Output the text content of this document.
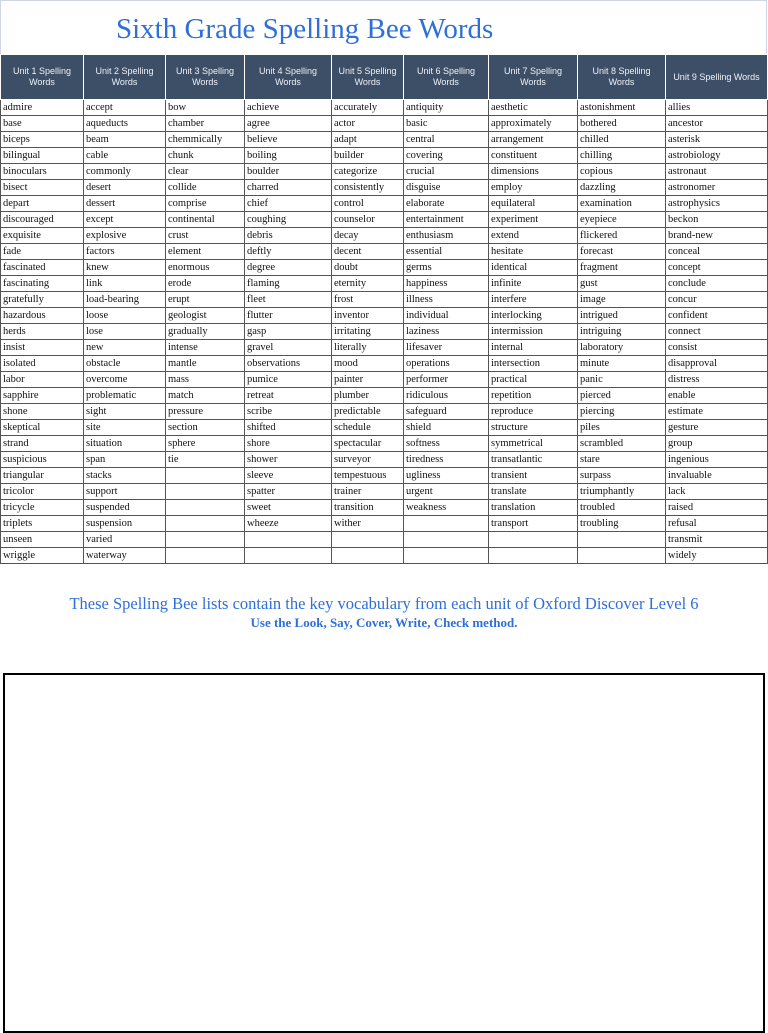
Sixth Grade Spelling Bee Words
Unit 1 Spelling Words	Unit 2 Spelling Words	Unit 3 Spelling Words	Unit 4 Spelling Words	Unit 5 Spelling Words	Unit 6 Spelling Words	Unit 7 Spelling Words	Unit 8 Spelling Words	Unit 9 Spelling Words
admire	accept	bow	achieve	accurately	antiquity	aesthetic	astonishment	allies
base	aqueducts	chamber	agree	actor	basic	approximately	bothered	ancestor
biceps	beam	chemmically	believe	adapt	central	arrangement	chilled	asterisk
bilingual	cable	chunk	boiling	builder	covering	constituent	chilling	astrobiology
binoculars	commonly	clear	boulder	categorize	crucial	dimensions	copious	astronaut
bisect	desert	collide	charred	consistently	disguise	employ	dazzling	astronomer
depart	dessert	comprise	chief	control	elaborate	equilateral	examination	astrophysics
discouraged	except	continental	coughing	counselor	entertainment	experiment	eyepiece	beckon
exquisite	explosive	crust	debris	decay	enthusiasm	extend	flickered	brand-new
fade	factors	element	deftly	decent	essential	hesitate	forecast	conceal
fascinated	knew	enormous	degree	doubt	germs	identical	fragment	concept
fascinating	link	erode	flaming	eternity	happiness	infinite	gust	conclude
gratefully	load-bearing	erupt	fleet	frost	illness	interfere	image	concur
hazardous	loose	geologist	flutter	inventor	individual	interlocking	intrigued	confident
herds	lose	gradually	gasp	irritating	laziness	intermission	intriguing	connect
insist	new	intense	gravel	literally	lifesaver	internal	laboratory	consist
isolated	obstacle	mantle	observations	mood	operations	intersection	minute	disapproval
labor	overcome	mass	pumice	painter	performer	practical	panic	distress
sapphire	problematic	match	retreat	plumber	ridiculous	repetition	pierced	enable
shone	sight	pressure	scribe	predictable	safeguard	reproduce	piercing	estimate
skeptical	site	section	shifted	schedule	shield	structure	piles	gesture
strand	situation	sphere	shore	spectacular	softness	symmetrical	scrambled	group
suspicious	span	tie	shower	surveyor	tiredness	transatlantic	stare	ingenious
triangular	stacks		sleeve	tempestuous	ugliness	transient	surpass	invaluable
tricolor	support		spatter	trainer	urgent	translate	triumphantly	lack
tricycle	suspended		sweet	transition	weakness	translation	troubled	raised
triplets	suspension		wheeze	wither		transport	troubling	refusal
unseen	varied							transmit
wriggle	waterway							widely
These Spelling Bee lists contain the key vocabulary from each unit of Oxford Discover Level 6
Use the Look, Say, Cover, Write, Check method.
